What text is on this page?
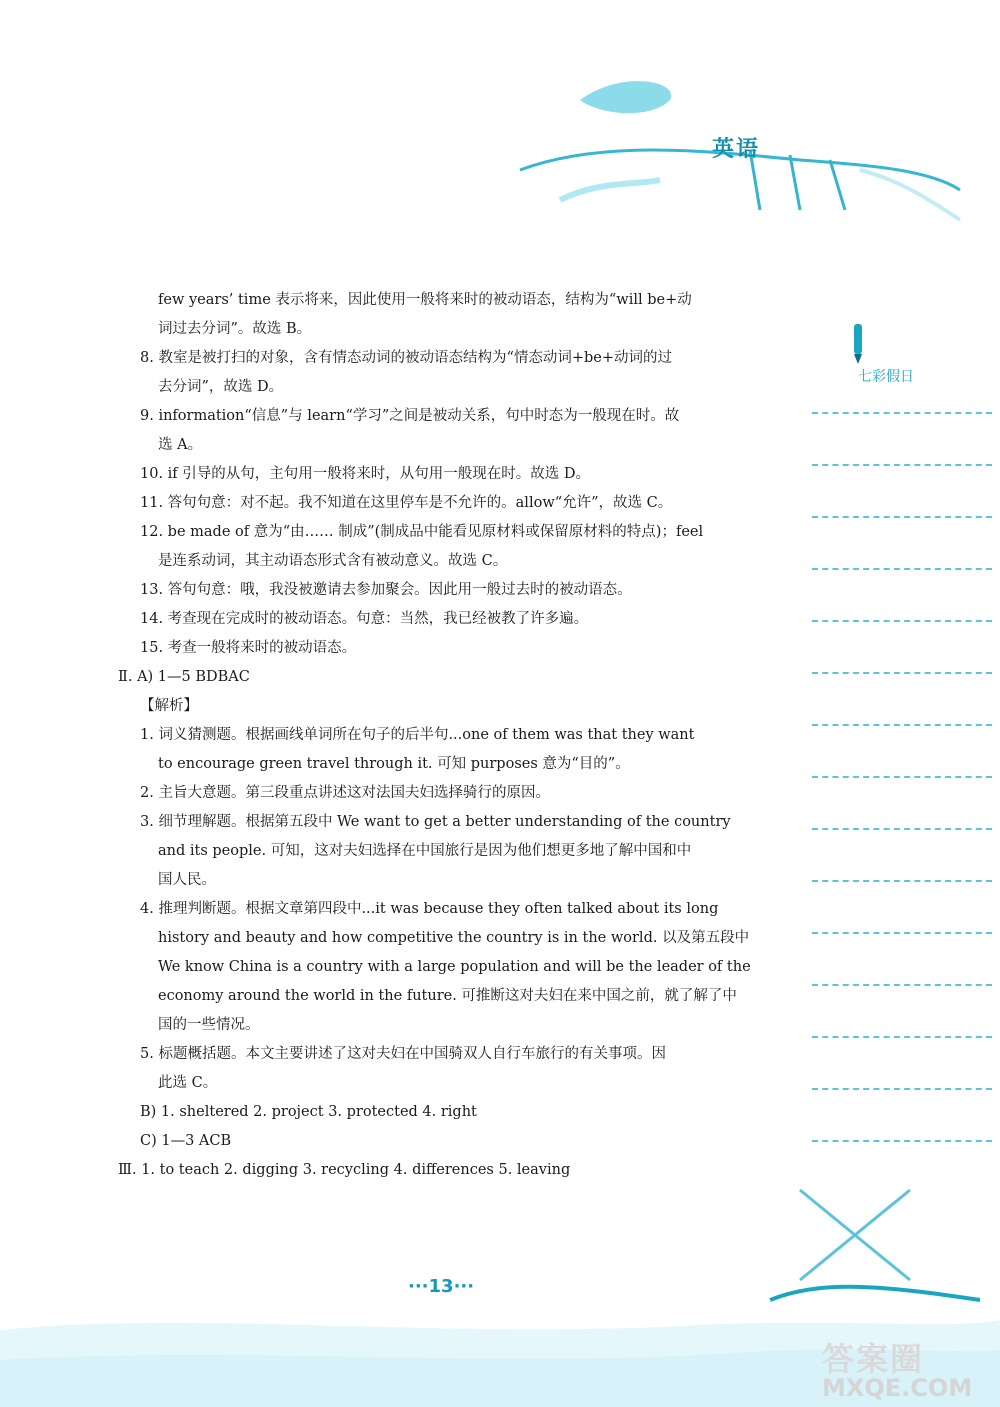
英语
七彩假日
few years’ time 表示将来，因此使用一般将来时的被动语态，结构为“will be+动
词过去分词”。故选 B。
8. 教室是被打扫的对象，含有情态动词的被动语态结构为“情态动词+be+动词的过
去分词”，故选 D。
9. information“信息”与 learn“学习”之间是被动关系，句中时态为一般现在时。故
选 A。
10. if 引导的从句，主句用一般将来时，从句用一般现在时。故选 D。
11. 答句句意：对不起。我不知道在这里停车是不允许的。allow“允许”，故选 C。
12. be made of 意为“由…… 制成”(制成品中能看见原材料或保留原材料的特点)；feel
是连系动词，其主动语态形式含有被动意义。故选 C。
13. 答句句意：哦，我没被邀请去参加聚会。因此用一般过去时的被动语态。
14. 考查现在完成时的被动语态。句意：当然，我已经被教了许多遍。
15. 考查一般将来时的被动语态。
Ⅱ. A) 1—5 BDBAC
【解析】
1. 词义猜测题。根据画线单词所在句子的后半句...one of them was that they want
to encourage green travel through it. 可知 purposes 意为“目的”。
2. 主旨大意题。第三段重点讲述这对法国夫妇选择骑行的原因。
3. 细节理解题。根据第五段中 We want to get a better understanding of the country
and its people. 可知，这对夫妇选择在中国旅行是因为他们想更多地了解中国和中
国人民。
4. 推理判断题。根据文章第四段中...it was because they often talked about its long
history and beauty and how competitive the country is in the world. 以及第五段中
We know China is a country with a large population and will be the leader of the
economy around the world in the future. 可推断这对夫妇在来中国之前，就了解了中
国的一些情况。
5. 标题概括题。本文主要讲述了这对夫妇在中国骑双人自行车旅行的有关事项。因
此选 C。
B) 1. sheltered 2. project 3. protected 4. right
C) 1—3 ACB
Ⅲ. 1. to teach 2. digging 3. recycling 4. differences 5. leaving
···13···
答案圈
MXQE.COM
